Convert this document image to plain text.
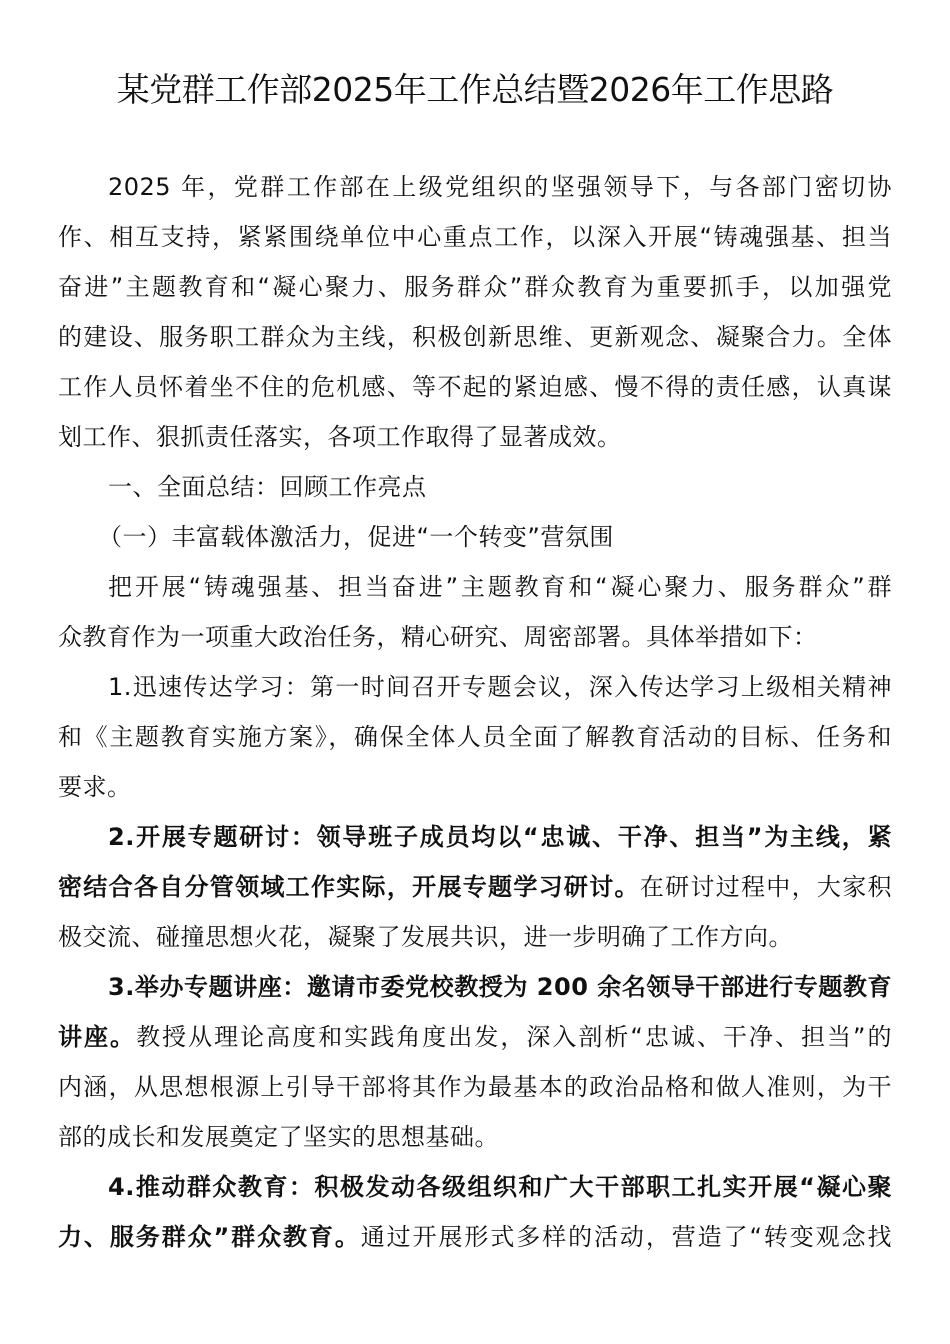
某党群工作部2025年工作总结暨2026年工作思路
2025 年，党群工作部在上级党组织的坚强领导下，与各部门密切协
作、相互支持，紧紧围绕单位中心重点工作，以深入开展“铸魂强基、担当
奋进”主题教育和“凝心聚力、服务群众”群众教育为重要抓手，以加强党
的建设、服务职工群众为主线，积极创新思维、更新观念、凝聚合力。全体
工作人员怀着坐不住的危机感、等不起的紧迫感、慢不得的责任感，认真谋
划工作、狠抓责任落实，各项工作取得了显著成效。
一、全面总结：回顾工作亮点
（一）丰富载体激活力，促进“一个转变”营氛围
把开展“铸魂强基、担当奋进”主题教育和“凝心聚力、服务群众”群
众教育作为一项重大政治任务，精心研究、周密部署。具体举措如下：
1.迅速传达学习：第一时间召开专题会议，深入传达学习上级相关精神
和《主题教育实施方案》，确保全体人员全面了解教育活动的目标、任务和
要求。
2.开展专题研讨：领导班子成员均以“忠诚、干净、担当”为主线，紧
密结合各自分管领域工作实际，开展专题学习研讨。在研讨过程中，大家积
极交流、碰撞思想火花，凝聚了发展共识，进一步明确了工作方向。
3.举办专题讲座：邀请市委党校教授为 200 余名领导干部进行专题教育
讲座。教授从理论高度和实践角度出发，深入剖析“忠诚、干净、担当”的
内涵，从思想根源上引导干部将其作为最基本的政治品格和做人准则，为干
部的成长和发展奠定了坚实的思想基础。
4.推动群众教育：积极发动各级组织和广大干部职工扎实开展“凝心聚
力、服务群众”群众教育。通过开展形式多样的活动，营造了“转变观念找
